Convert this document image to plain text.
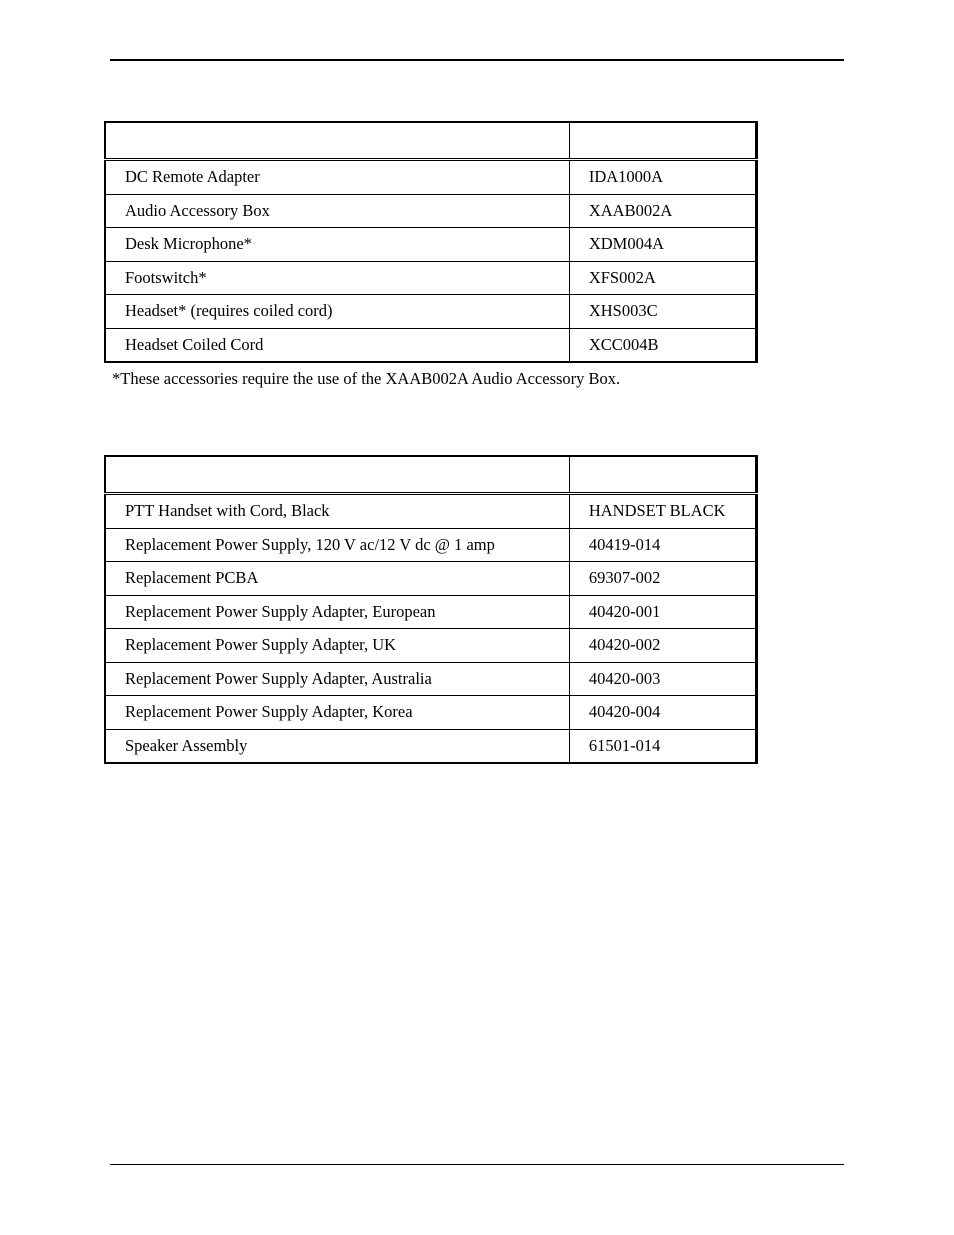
DC Remote Adapter	IDA1000A
Audio Accessory Box	XAAB002A
Desk Microphone*	XDM004A
Footswitch*	XFS002A
Headset* (requires coiled cord)	XHS003C
Headset Coiled Cord	XCC004B
*These accessories require the use of the XAAB002A Audio Accessory Box.

PTT Handset with Cord, Black	HANDSET BLACK
Replacement Power Supply, 120 V ac/12 V dc @ 1 amp	40419-014
Replacement PCBA	69307-002
Replacement Power Supply Adapter, European	40420-001
Replacement Power Supply Adapter, UK	40420-002
Replacement Power Supply Adapter, Australia	40420-003
Replacement Power Supply Adapter, Korea	40420-004
Speaker Assembly	61501-014
